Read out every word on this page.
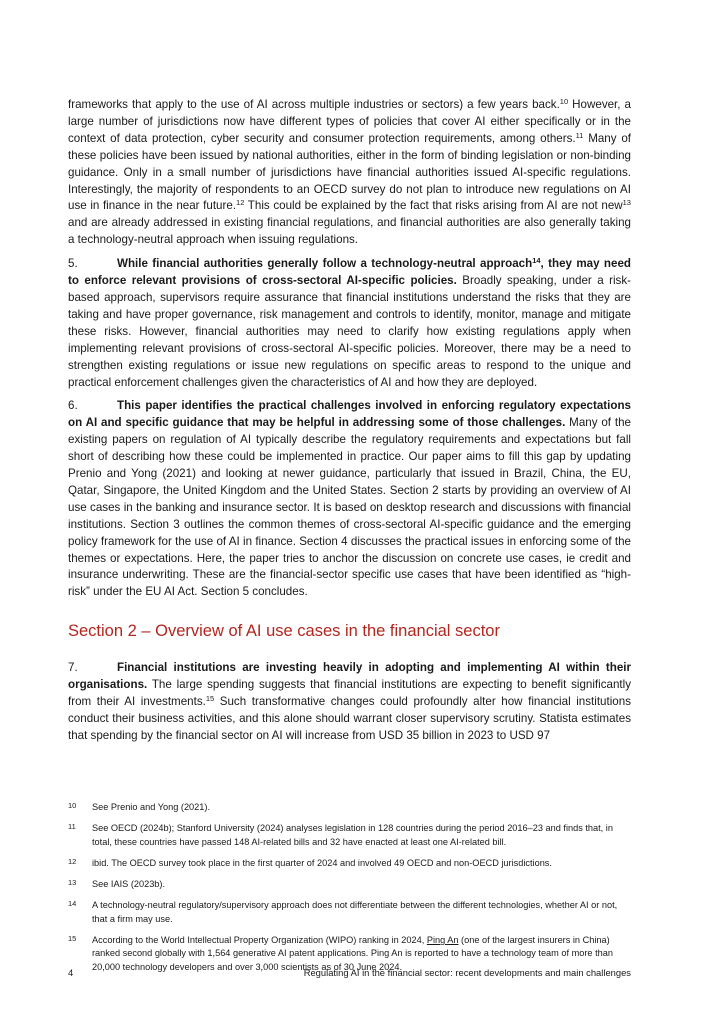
frameworks that apply to the use of AI across multiple industries or sectors) a few years back.$^{10}$ However, a large number of jurisdictions now have different types of policies that cover AI either specifically or in the context of data protection, cyber security and consumer protection requirements, among others.$^{11}$ Many of these policies have been issued by national authorities, either in the form of binding legislation or non-binding guidance. Only in a small number of jurisdictions have financial authorities issued AI-specific regulations. Interestingly, the majority of respondents to an OECD survey do not plan to introduce new regulations on AI use in finance in the near future.$^{12}$ This could be explained by the fact that risks arising from AI are not new$^{13}$ and are already addressed in existing financial regulations, and financial authorities are also generally taking a technology-neutral approach when issuing regulations.

5.	While financial authorities generally follow a technology-neutral approach$^{14}$, they may need to enforce relevant provisions of cross-sectoral AI-specific policies. Broadly speaking, under a risk-based approach, supervisors require assurance that financial institutions understand the risks that they are taking and have proper governance, risk management and controls to identify, monitor, manage and mitigate these risks. However, financial authorities may need to clarify how existing regulations apply when implementing relevant provisions of cross-sectoral AI-specific policies. Moreover, there may be a need to strengthen existing regulations or issue new regulations on specific areas to respond to the unique and practical enforcement challenges given the characteristics of AI and how they are deployed.

6.	This paper identifies the practical challenges involved in enforcing regulatory expectations on AI and specific guidance that may be helpful in addressing some of those challenges. Many of the existing papers on regulation of AI typically describe the regulatory requirements and expectations but fall short of describing how these could be implemented in practice. Our paper aims to fill this gap by updating Prenio and Yong (2021) and looking at newer guidance, particularly that issued in Brazil, China, the EU, Qatar, Singapore, the United Kingdom and the United States. Section 2 starts by providing an overview of AI use cases in the banking and insurance sector. It is based on desktop research and discussions with financial institutions. Section 3 outlines the common themes of cross-sectoral AI-specific guidance and the emerging policy framework for the use of AI in finance. Section 4 discusses the practical issues in enforcing some of the themes or expectations. Here, the paper tries to anchor the discussion on concrete use cases, ie credit and insurance underwriting. These are the financial-sector specific use cases that have been identified as “high-risk” under the EU AI Act. Section 5 concludes.

Section 2 – Overview of AI use cases in the financial sector

7.	Financial institutions are investing heavily in adopting and implementing AI within their organisations. The large spending suggests that financial institutions are expecting to benefit significantly from their AI investments.$^{15}$ Such transformative changes could profoundly alter how financial institutions conduct their business activities, and this alone should warrant closer supervisory scrutiny. Statista estimates that spending by the financial sector on AI will increase from USD 35 billion in 2023 to USD 97

10	See Prenio and Yong (2021).
11	See OECD (2024b); Stanford University (2024) analyses legislation in 128 countries during the period 2016–23 and finds that, in total, these countries have passed 148 AI-related bills and 32 have enacted at least one AI-related bill.
12	ibid. The OECD survey took place in the first quarter of 2024 and involved 49 OECD and non-OECD jurisdictions.
13	See IAIS (2023b).
14	A technology-neutral regulatory/supervisory approach does not differentiate between the different technologies, whether AI or not, that a firm may use.
15	According to the World Intellectual Property Organization (WIPO) ranking in 2024, Ping An (one of the largest insurers in China) ranked second globally with 1,564 generative AI patent applications. Ping An is reported to have a technology team of more than 20,000 technology developers and over 3,000 scientists as of 30 June 2024.
4	Regulating AI in the financial sector: recent developments and main challenges
